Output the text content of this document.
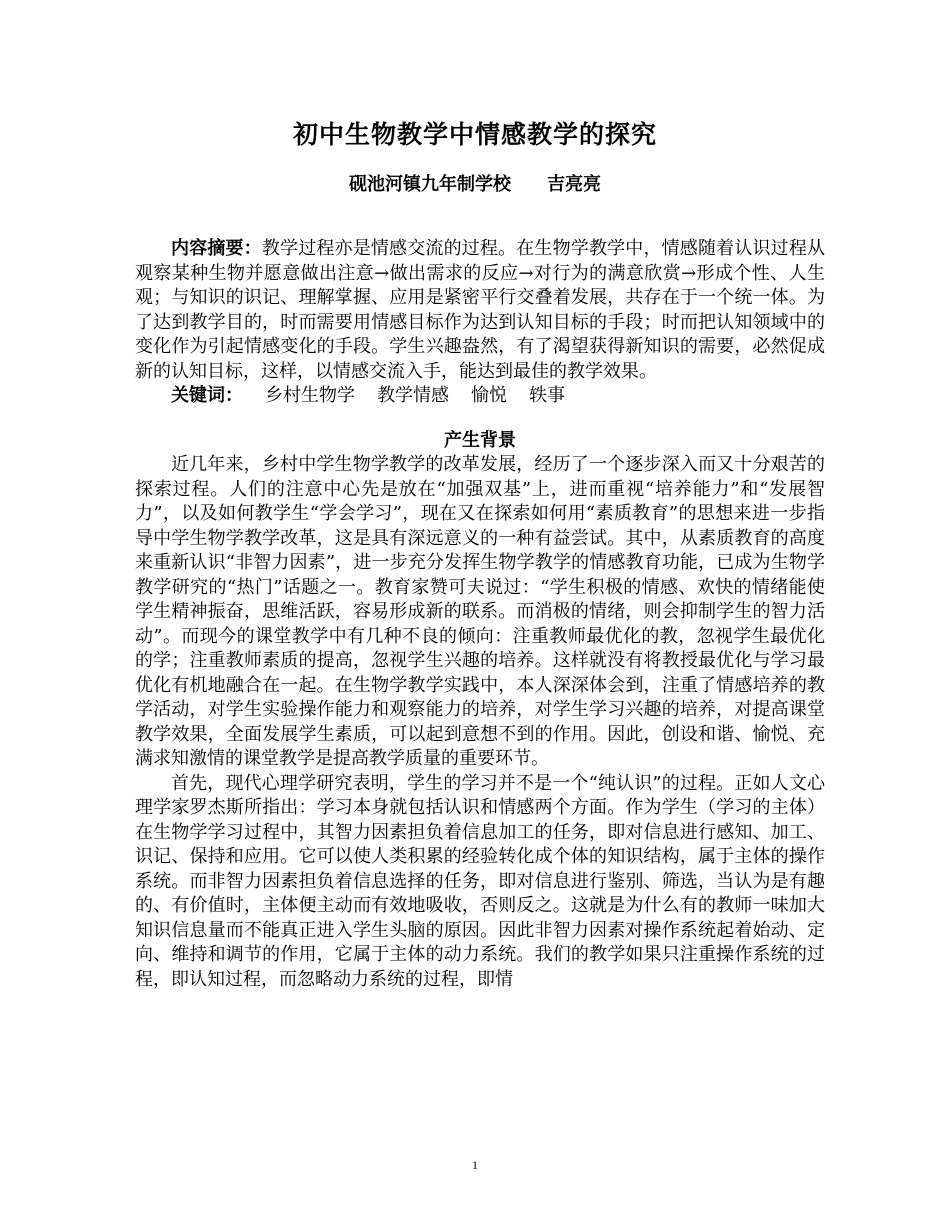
初中生物教学中情感教学的探究
砚池河镇九年制学校 吉亮亮

内容摘要：教学过程亦是情感交流的过程。在生物学教学中，情感随着认识过程从观察某种生物并愿意做出注意→做出需求的反应→对行为的满意欣赏→形成个性、人生观；与知识的识记、理解掌握、应用是紧密平行交叠着发展，共存在于一个统一体。为了达到教学目的，时而需要用情感目标作为达到认知目标的手段；时而把认知领域中的变化作为引起情感变化的手段。学生兴趣盎然，有了渴望获得新知识的需要，必然促成新的认知目标，这样，以情感交流入手，能达到最佳的教学效果。

关键词： 乡村生物学 教学情感 愉悦 轶事

产生背景

近几年来，乡村中学生物学教学的改革发展，经历了一个逐步深入而又十分艰苦的探索过程。人们的注意中心先是放在“加强双基”上，进而重视“培养能力”和“发展智力”，以及如何教学生“学会学习”，现在又在探索如何用“素质教育”的思想来进一步指导中学生物学教学改革，这是具有深远意义的一种有益尝试。其中，从素质教育的高度来重新认识“非智力因素”，进一步充分发挥生物学教学的情感教育功能，已成为生物学教学研究的“热门”话题之一。教育家赞可夫说过：“学生积极的情感、欢快的情绪能使学生精神振奋，思维活跃，容易形成新的联系。而消极的情绪，则会抑制学生的智力活动”。而现今的课堂教学中有几种不良的倾向：注重教师最优化的教，忽视学生最优化的学；注重教师素质的提高，忽视学生兴趣的培养。这样就没有将教授最优化与学习最优化有机地融合在一起。在生物学教学实践中，本人深深体会到，注重了情感培养的教学活动，对学生实验操作能力和观察能力的培养，对学生学习兴趣的培养，对提高课堂教学效果，全面发展学生素质，可以起到意想不到的作用。因此，创设和谐、愉悦、充满求知激情的课堂教学是提高教学质量的重要环节。

首先，现代心理学研究表明，学生的学习并不是一个“纯认识”的过程。正如人文心理学家罗杰斯所指出：学习本身就包括认识和情感两个方面。作为学生（学习的主体）在生物学学习过程中，其智力因素担负着信息加工的任务，即对信息进行感知、加工、识记、保持和应用。它可以使人类积累的经验转化成个体的知识结构，属于主体的操作系统。而非智力因素担负着信息选择的任务，即对信息进行鉴别、筛选，当认为是有趣的、有价值时，主体便主动而有效地吸收，否则反之。这就是为什么有的教师一味加大知识信息量而不能真正进入学生头脑的原因。因此非智力因素对操作系统起着始动、定向、维持和调节的作用，它属于主体的动力系统。我们的教学如果只注重操作系统的过程，即认知过程，而忽略动力系统的过程，即情

1
